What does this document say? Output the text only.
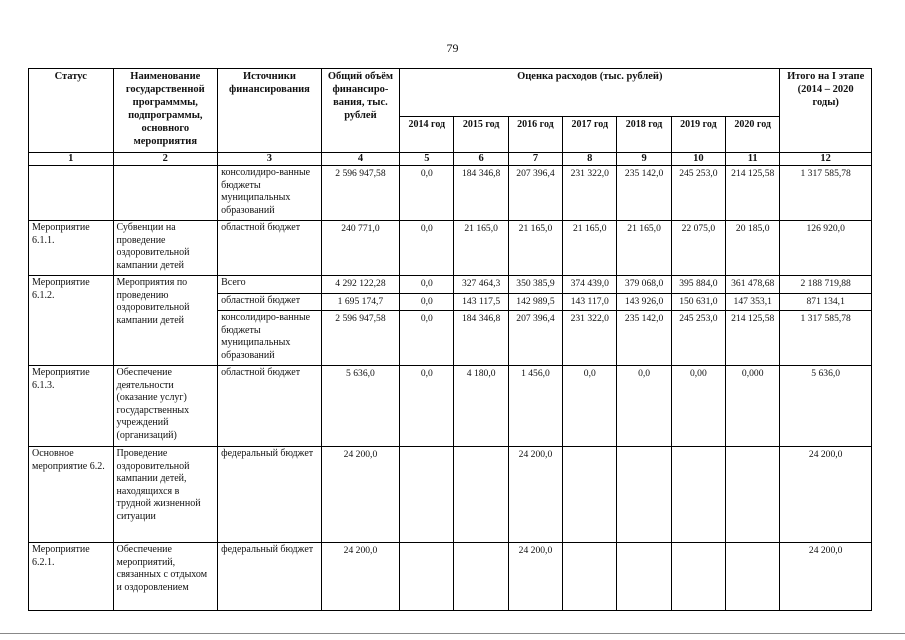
79
Статус	Наименование государственной программмы, подпрограммы, основного мероприятия	Источники финансирования	Общий объём финансиро-вания, тыс. рублей	Оценка расходов (тыс. рублей)							Итого на I этапе (2014 – 2020 годы)
				2014 год	2015 год	2016 год	2017 год	2018 год	2019 год	2020 год	
1	2	3	4	5	6	7	8	9	10	11	12
		консолидиро-ванные бюджеты муниципальных образований	2 596 947,58	0,0	184 346,8	207 396,4	231 322,0	235 142,0	245 253,0	214 125,58	1 317 585,78
Мероприятие 6.1.1.	Субвенции на проведение оздоровительной кампании детей	областной бюджет	240 771,0	0,0	21 165,0	21 165,0	21 165,0	21 165,0	22 075,0	20 185,0	126 920,0
Мероприятие 6.1.2.	Мероприятия по проведению оздоровительной кампании детей	Всего	4 292 122,28	0,0	327 464,3	350 385,9	374 439,0	379 068,0	395 884,0	361 478,68	2 188 719,88
		областной бюджет	1 695 174,7	0,0	143 117,5	142 989,5	143 117,0	143 926,0	150 631,0	147 353,1	871 134,1
		консолидиро-ванные бюджеты муниципальных образований	2 596 947,58	0,0	184 346,8	207 396,4	231 322,0	235 142,0	245 253,0	214 125,58	1 317 585,78
Мероприятие 6.1.3.	Обеспечение деятельности (оказание услуг) государственных учреждений (организаций)	областной бюджет	5 636,0	0,0	4 180,0	1 456,0	0,0	0,0	0,00	0,000	5 636,0
Основное мероприятие 6.2.	Проведение оздоровительной кампании детей, находящихся в трудной жизненной ситуации	федеральный бюджет	24 200,0			24 200,0					24 200,0
Мероприятие 6.2.1.	Обеспечение мероприятий, связанных с отдыхом и оздоровлением	федеральный бюджет	24 200,0			24 200,0					24 200,0
